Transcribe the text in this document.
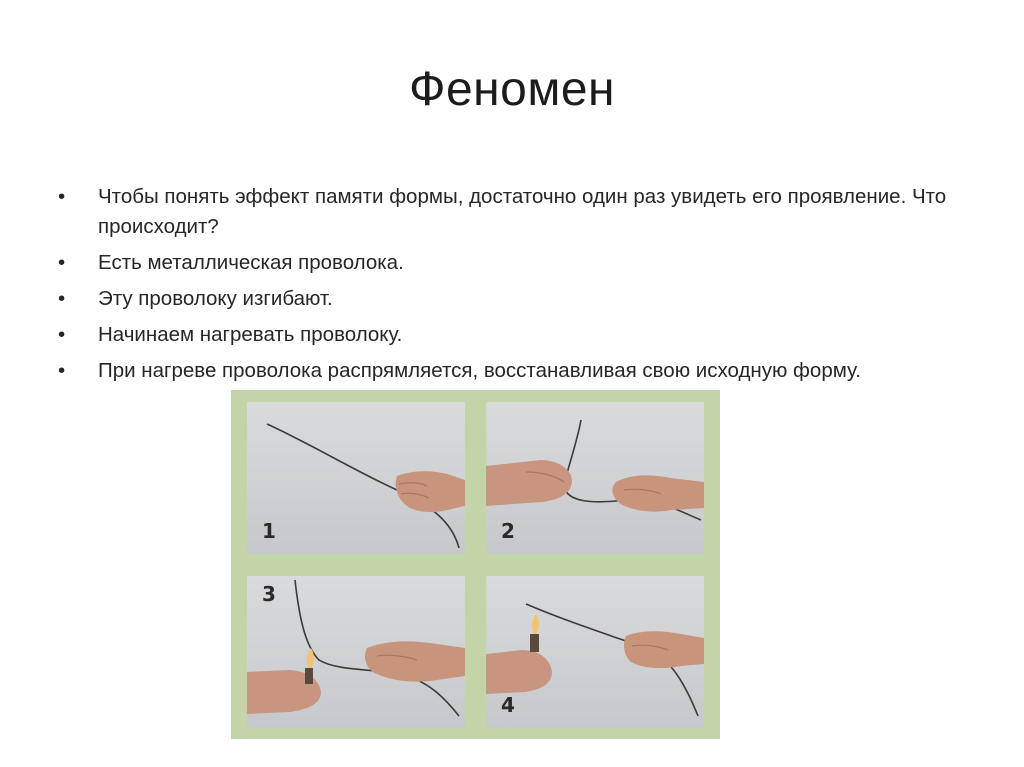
Феномен
• Чтобы понять эффект памяти формы, достаточно один раз увидеть его проявление. Что происходит?
• Есть металлическая проволока.
• Эту проволоку изгибают.
• Начинаем нагревать проволоку.
• При нагреве проволока распрямляется, восстанавливая свою исходную форму.
1	2
3
4
